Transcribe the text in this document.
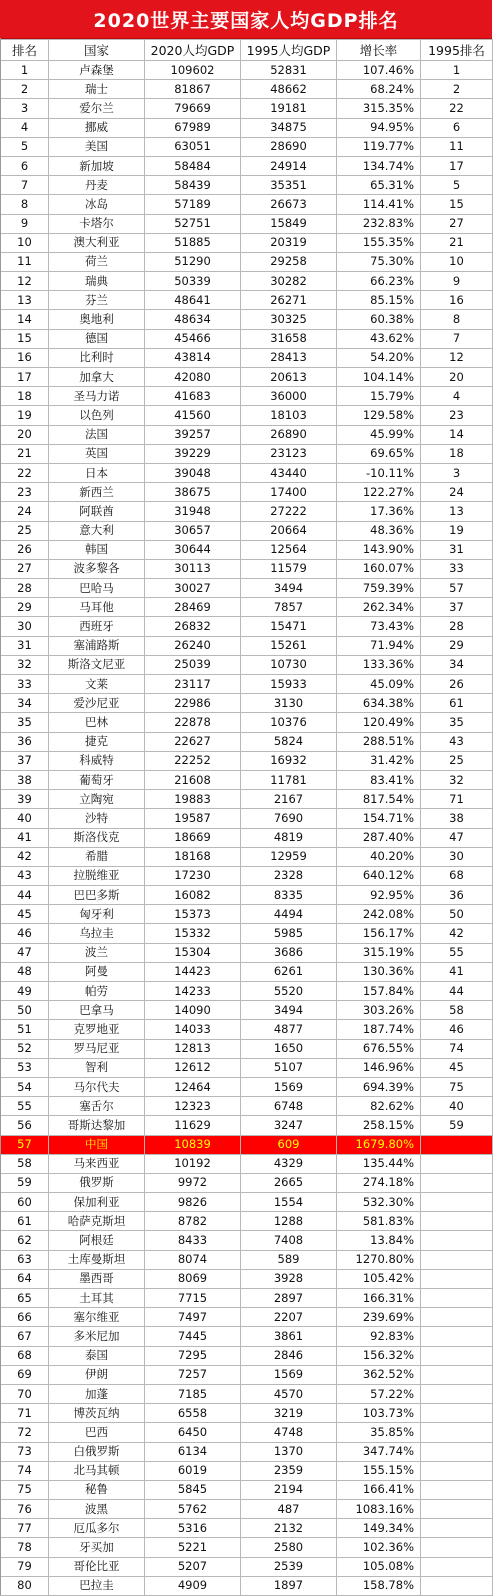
2020世界主要国家人均GDP排名
排名	国家	2020人均GDP	1995人均GDP	增长率	1995排名
1	卢森堡	109602	52831	107.46%	1
2	瑞士	81867	48662	68.24%	2
3	爱尔兰	79669	19181	315.35%	22
4	挪威	67989	34875	94.95%	6
5	美国	63051	28690	119.77%	11
6	新加坡	58484	24914	134.74%	17
7	丹麦	58439	35351	65.31%	5
8	冰岛	57189	26673	114.41%	15
9	卡塔尔	52751	15849	232.83%	27
10	澳大利亚	51885	20319	155.35%	21
11	荷兰	51290	29258	75.30%	10
12	瑞典	50339	30282	66.23%	9
13	芬兰	48641	26271	85.15%	16
14	奥地利	48634	30325	60.38%	8
15	德国	45466	31658	43.62%	7
16	比利时	43814	28413	54.20%	12
17	加拿大	42080	20613	104.14%	20
18	圣马力诺	41683	36000	15.79%	4
19	以色列	41560	18103	129.58%	23
20	法国	39257	26890	45.99%	14
21	英国	39229	23123	69.65%	18
22	日本	39048	43440	-10.11%	3
23	新西兰	38675	17400	122.27%	24
24	阿联酋	31948	27222	17.36%	13
25	意大利	30657	20664	48.36%	19
26	韩国	30644	12564	143.90%	31
27	波多黎各	30113	11579	160.07%	33
28	巴哈马	30027	3494	759.39%	57
29	马耳他	28469	7857	262.34%	37
30	西班牙	26832	15471	73.43%	28
31	塞浦路斯	26240	15261	71.94%	29
32	斯洛文尼亚	25039	10730	133.36%	34
33	文莱	23117	15933	45.09%	26
34	爱沙尼亚	22986	3130	634.38%	61
35	巴林	22878	10376	120.49%	35
36	捷克	22627	5824	288.51%	43
37	科威特	22252	16932	31.42%	25
38	葡萄牙	21608	11781	83.41%	32
39	立陶宛	19883	2167	817.54%	71
40	沙特	19587	7690	154.71%	38
41	斯洛伐克	18669	4819	287.40%	47
42	希腊	18168	12959	40.20%	30
43	拉脱维亚	17230	2328	640.12%	68
44	巴巴多斯	16082	8335	92.95%	36
45	匈牙利	15373	4494	242.08%	50
46	乌拉圭	15332	5985	156.17%	42
47	波兰	15304	3686	315.19%	55
48	阿曼	14423	6261	130.36%	41
49	帕劳	14233	5520	157.84%	44
50	巴拿马	14090	3494	303.26%	58
51	克罗地亚	14033	4877	187.74%	46
52	罗马尼亚	12813	1650	676.55%	74
53	智利	12612	5107	146.96%	45
54	马尔代夫	12464	1569	694.39%	75
55	塞舌尔	12323	6748	82.62%	40
56	哥斯达黎加	11629	3247	258.15%	59
57	中国	10839	609	1679.80%	
58	马来西亚	10192	4329	135.44%	
59	俄罗斯	9972	2665	274.18%	
60	保加利亚	9826	1554	532.30%	
61	哈萨克斯坦	8782	1288	581.83%	
62	阿根廷	8433	7408	13.84%	
63	土库曼斯坦	8074	589	1270.80%	
64	墨西哥	8069	3928	105.42%	
65	土耳其	7715	2897	166.31%	
66	塞尔维亚	7497	2207	239.69%	
67	多米尼加	7445	3861	92.83%	
68	泰国	7295	2846	156.32%	
69	伊朗	7257	1569	362.52%	
70	加蓬	7185	4570	57.22%	
71	博茨瓦纳	6558	3219	103.73%	
72	巴西	6450	4748	35.85%	
73	白俄罗斯	6134	1370	347.74%	
74	北马其顿	6019	2359	155.15%	
75	秘鲁	5845	2194	166.41%	
76	波黑	5762	487	1083.16%	
77	厄瓜多尔	5316	2132	149.34%	
78	牙买加	5221	2580	102.36%	
79	哥伦比亚	5207	2539	105.08%	
80	巴拉圭	4909	1897	158.78%	
